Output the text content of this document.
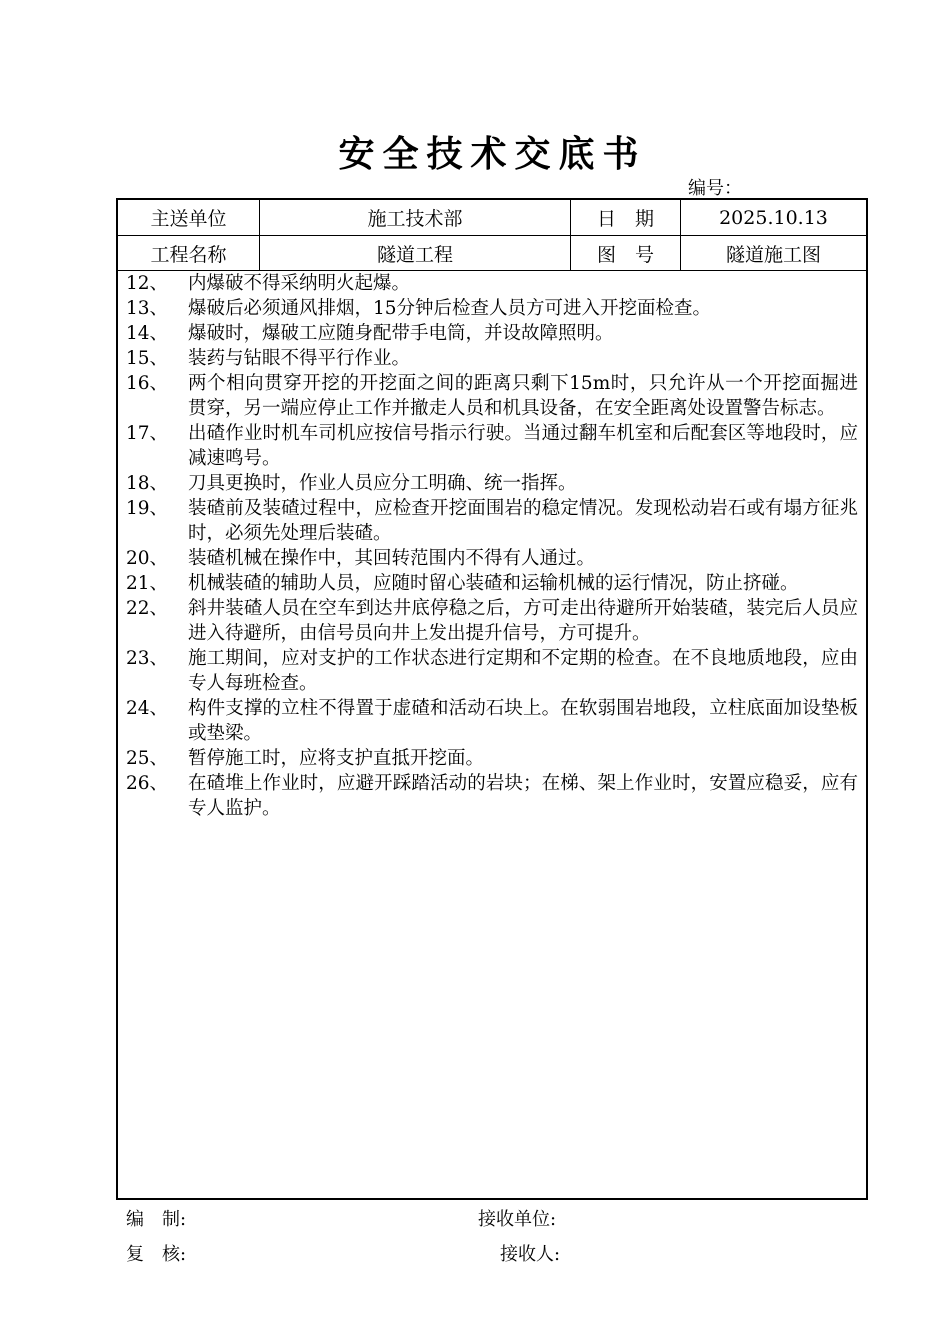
安全技术交底书
编号：
主送单位	施工技术部	日　期	2025.10.13
工程名称	隧道工程	图　号	隧道施工图
12、	内爆破不得采纳明火起爆。
13、	爆破后必须通风排烟，15分钟后检查人员方可进入开挖面检查。
14、	爆破时，爆破工应随身配带手电筒，并设故障照明。
15、	装药与钻眼不得平行作业。
16、	两个相向贯穿开挖的开挖面之间的距离只剩下15m时，只允许从一个开挖面掘进贯穿，另一端应停止工作并撤走人员和机具设备，在安全距离处设置警告标志。
17、	出碴作业时机车司机应按信号指示行驶。当通过翻车机室和后配套区等地段时，应减速鸣号。
18、	刀具更换时，作业人员应分工明确、统一指挥。
19、	装碴前及装碴过程中，应检查开挖面围岩的稳定情况。发现松动岩石或有塌方征兆时，必须先处理后装碴。
20、	装碴机械在操作中，其回转范围内不得有人通过。
21、	机械装碴的辅助人员，应随时留心装碴和运输机械的运行情况，防止挤碰。
22、	斜井装碴人员在空车到达井底停稳之后，方可走出待避所开始装碴，装完后人员应进入待避所，由信号员向井上发出提升信号，方可提升。
23、	施工期间，应对支护的工作状态进行定期和不定期的检查。在不良地质地段，应由专人每班检查。
24、	构件支撑的立柱不得置于虚碴和活动石块上。在软弱围岩地段，立柱底面加设垫板或垫梁。
25、	暂停施工时，应将支护直抵开挖面。
26、	在碴堆上作业时，应避开踩踏活动的岩块；在梯、架上作业时，安置应稳妥，应有专人监护。
编　制:	接收单位:
复　核:	接收人:
